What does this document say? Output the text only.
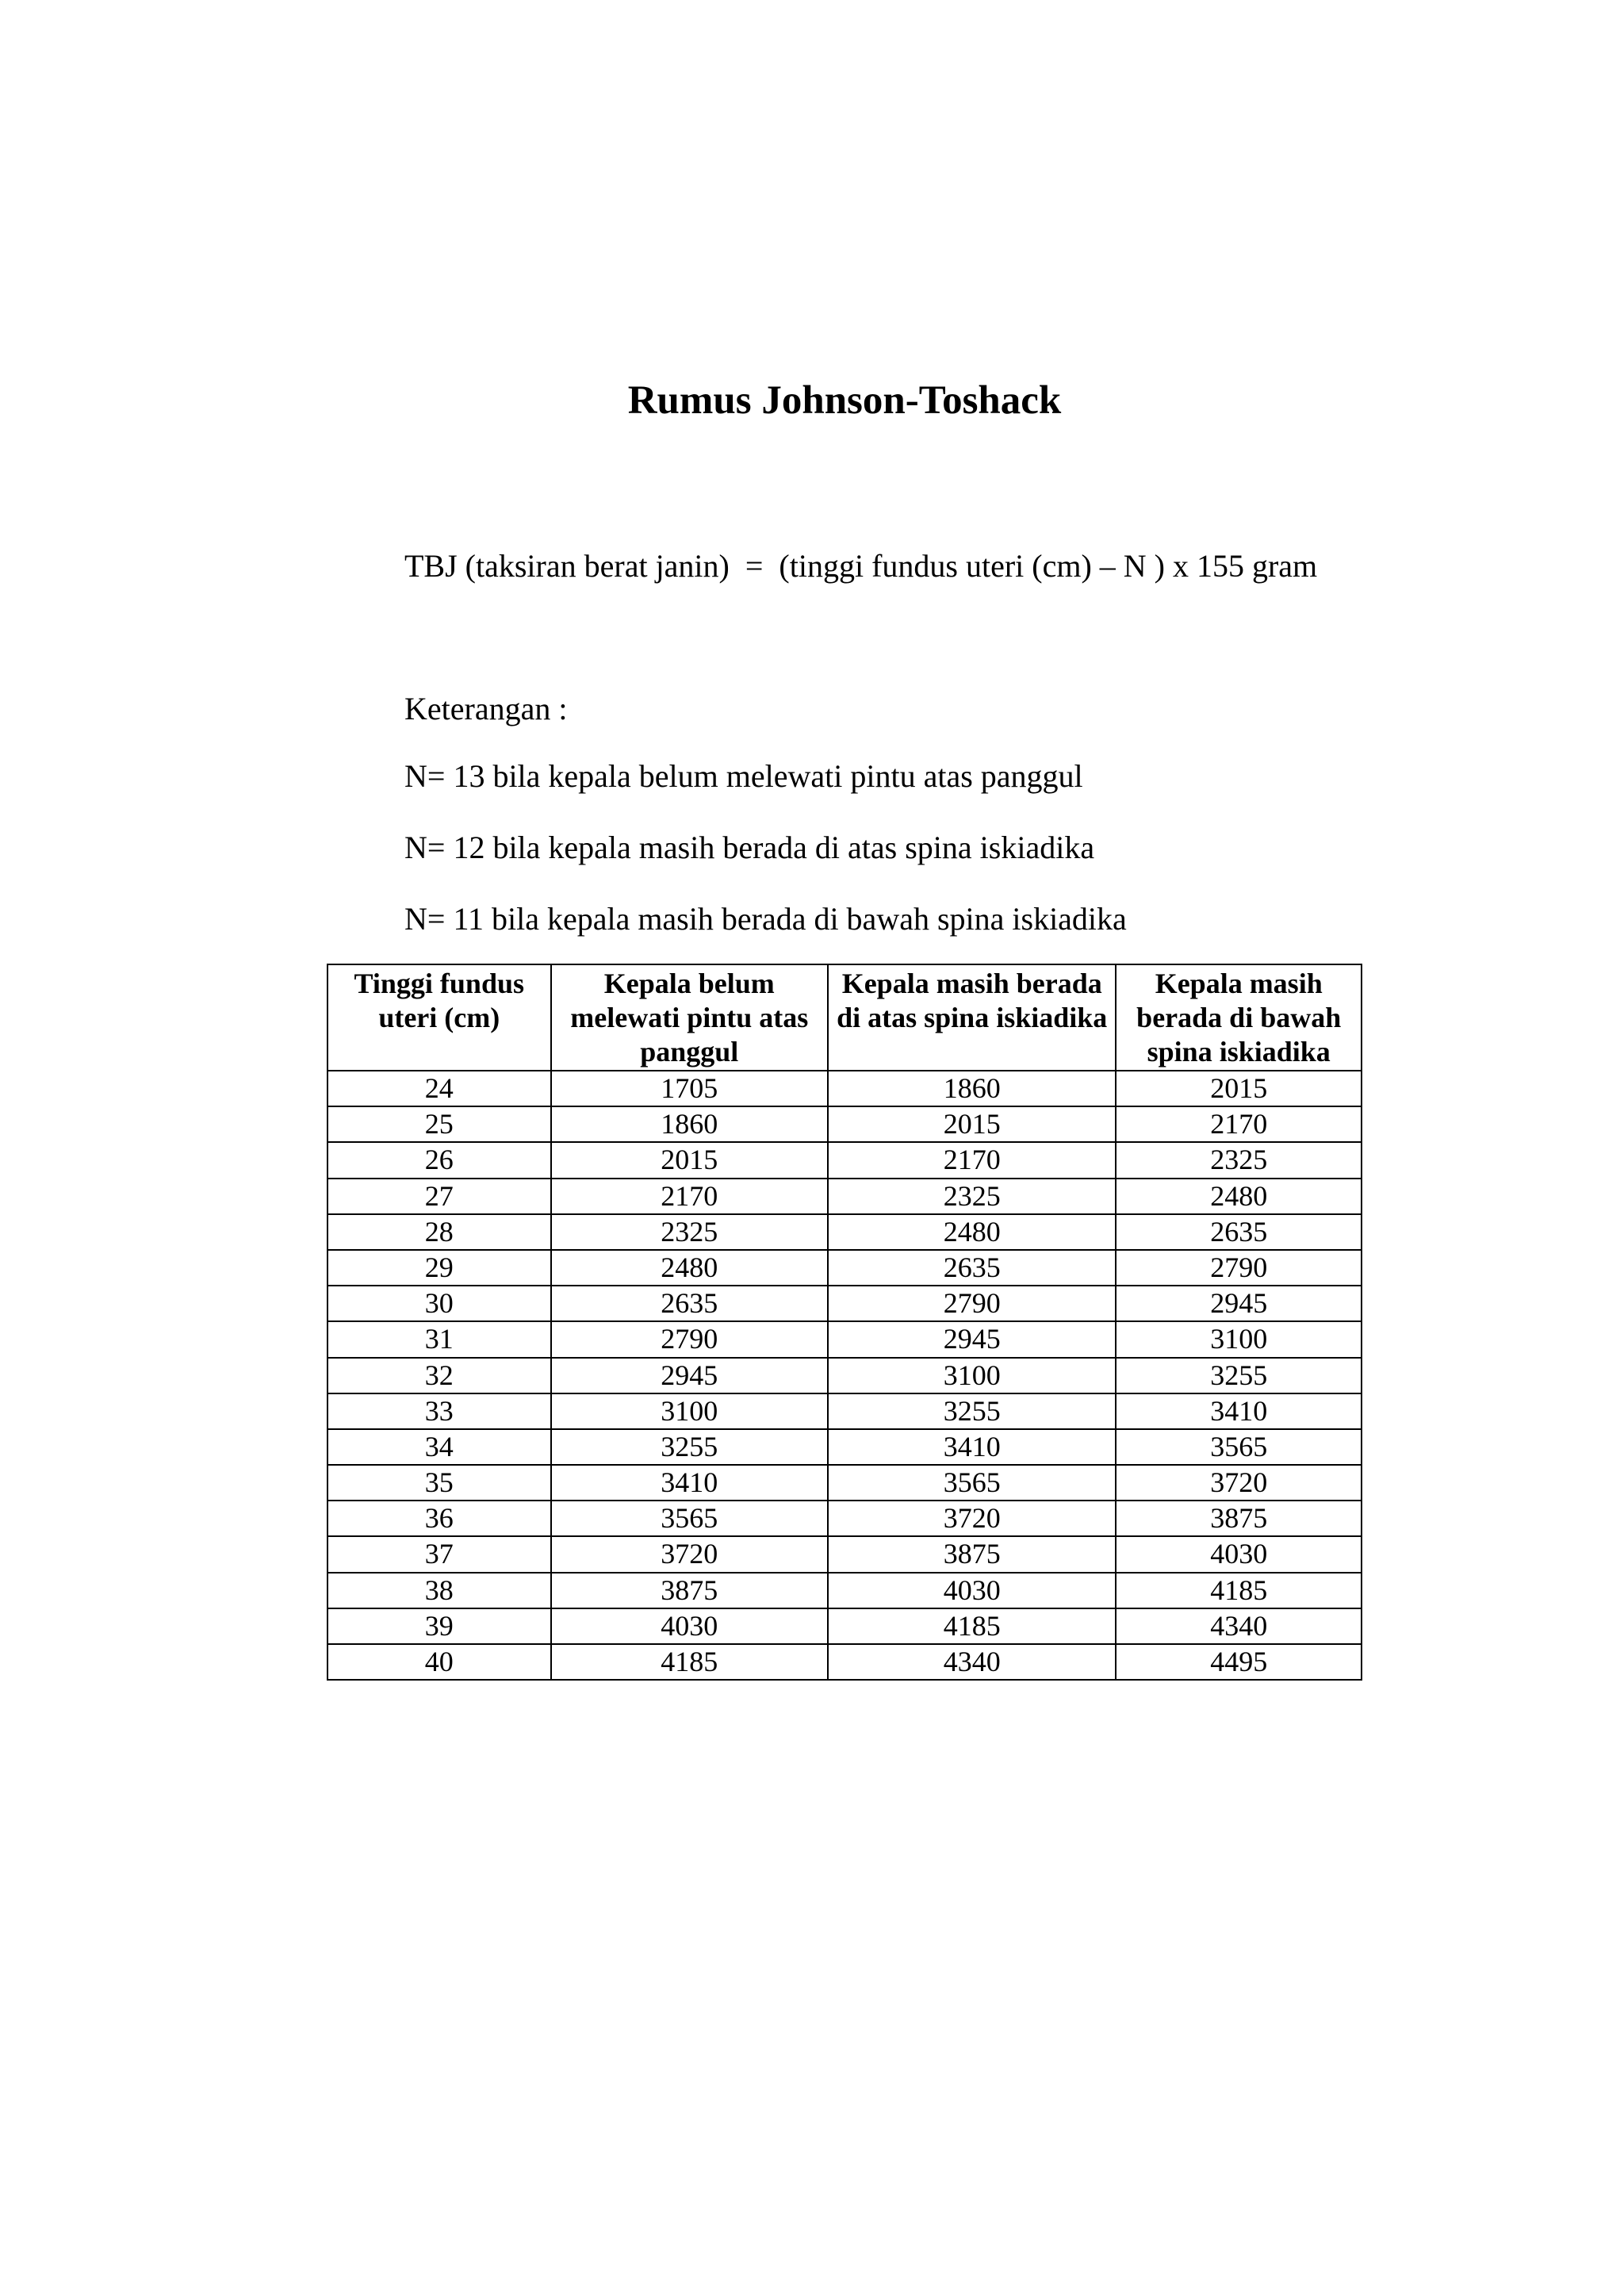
Rumus Johnson-Toshack
TBJ (taksiran berat janin)  =  (tinggi fundus uteri (cm) – N ) x 155 gram
Keterangan :
N= 13 bila kepala belum melewati pintu atas panggul
N= 12 bila kepala masih berada di atas spina iskiadika
N= 11 bila kepala masih berada di bawah spina iskiadika
Tinggi fundus uteri (cm)	Kepala belum melewati pintu atas panggul	Kepala masih berada di atas spina iskiadika	Kepala masih berada di bawah spina iskiadika
24	1705	1860	2015
25	1860	2015	2170
26	2015	2170	2325
27	2170	2325	2480
28	2325	2480	2635
29	2480	2635	2790
30	2635	2790	2945
31	2790	2945	3100
32	2945	3100	3255
33	3100	3255	3410
34	3255	3410	3565
35	3410	3565	3720
36	3565	3720	3875
37	3720	3875	4030
38	3875	4030	4185
39	4030	4185	4340
40	4185	4340	4495
